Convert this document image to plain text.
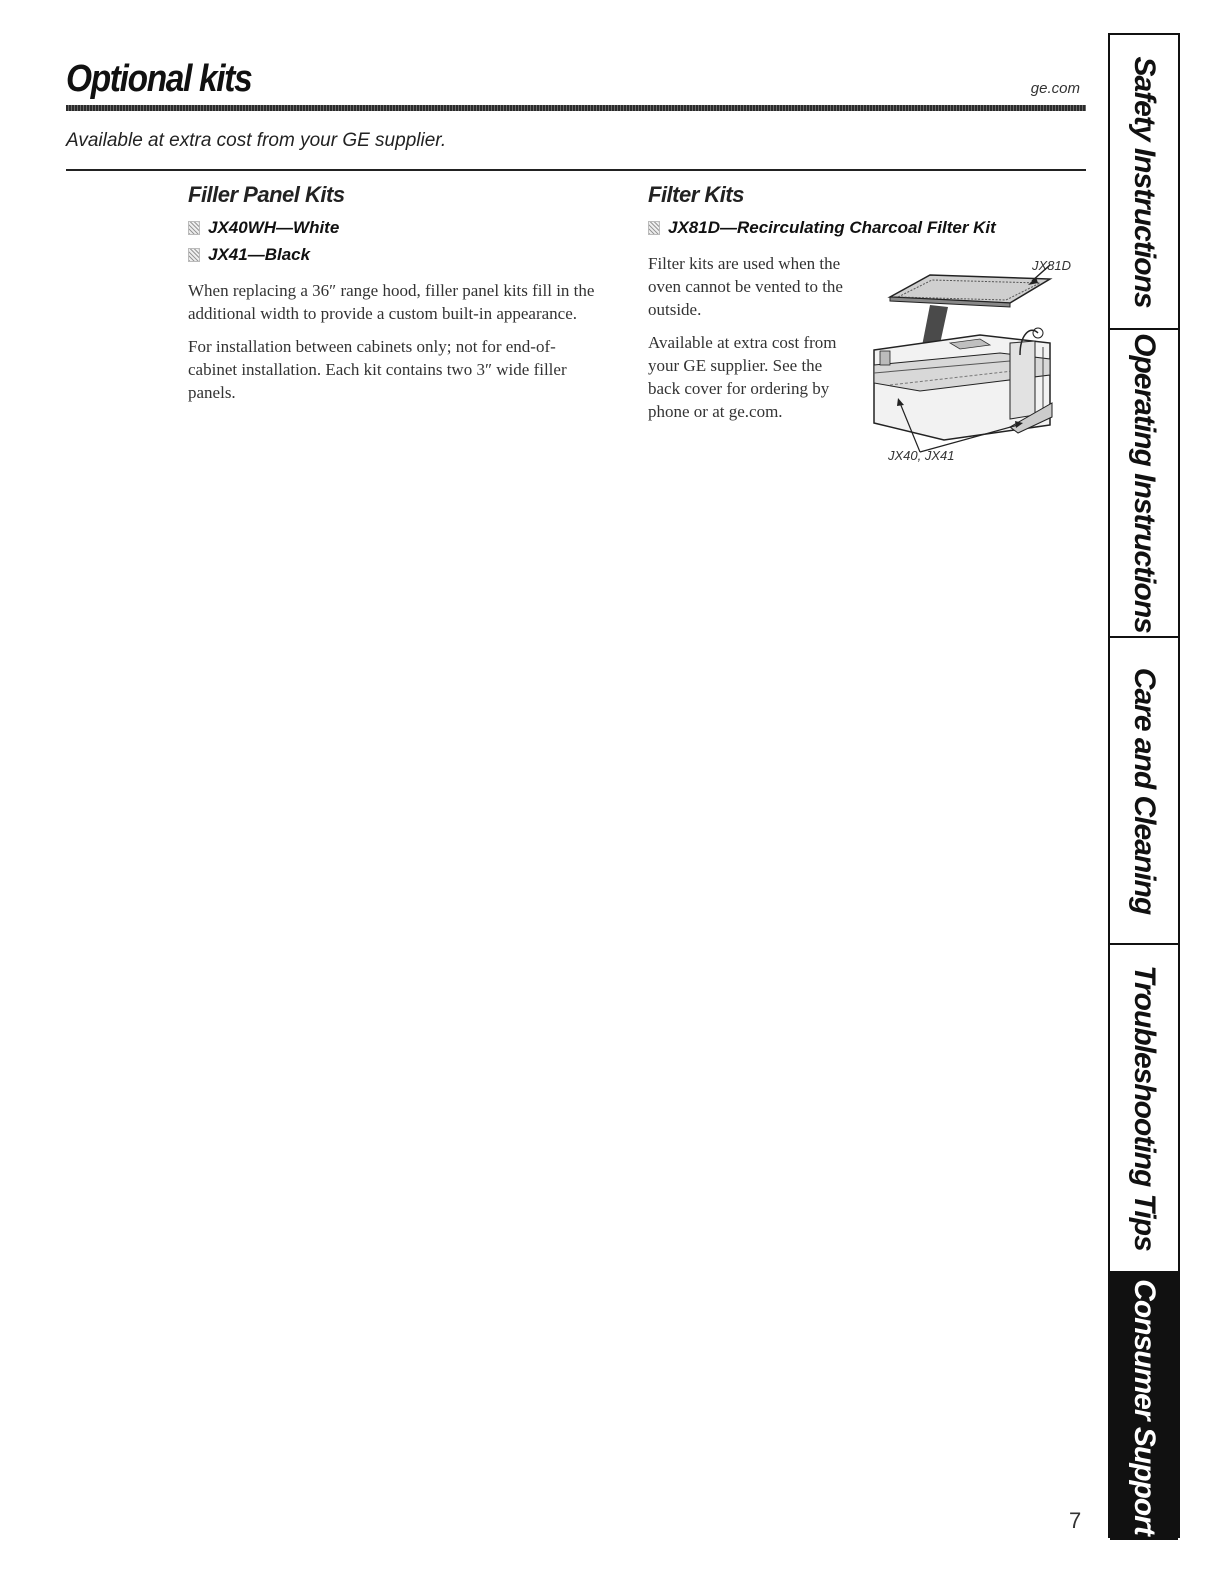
Optional kits	ge.com
Available at extra cost from your GE supplier.
Filler Panel Kits
JX40WH—White
JX41—Black

When replacing a 36″ range hood, filler panel kits fill in the additional width to provide a custom built-in appearance.

For installation between cabinets only; not for end-of-cabinet installation. Each kit contains two 3″ wide filler panels.

Filter Kits
JX81D—Recirculating Charcoal Filter Kit

Filter kits are used when the oven cannot be vented to the outside.

Available at extra cost from your GE supplier. See the back cover for ordering by phone or at ge.com.

JX81D
JX40, JX41
Safety Instructions
Operating Instructions
Care and Cleaning
Troubleshooting Tips
Consumer Support
7
